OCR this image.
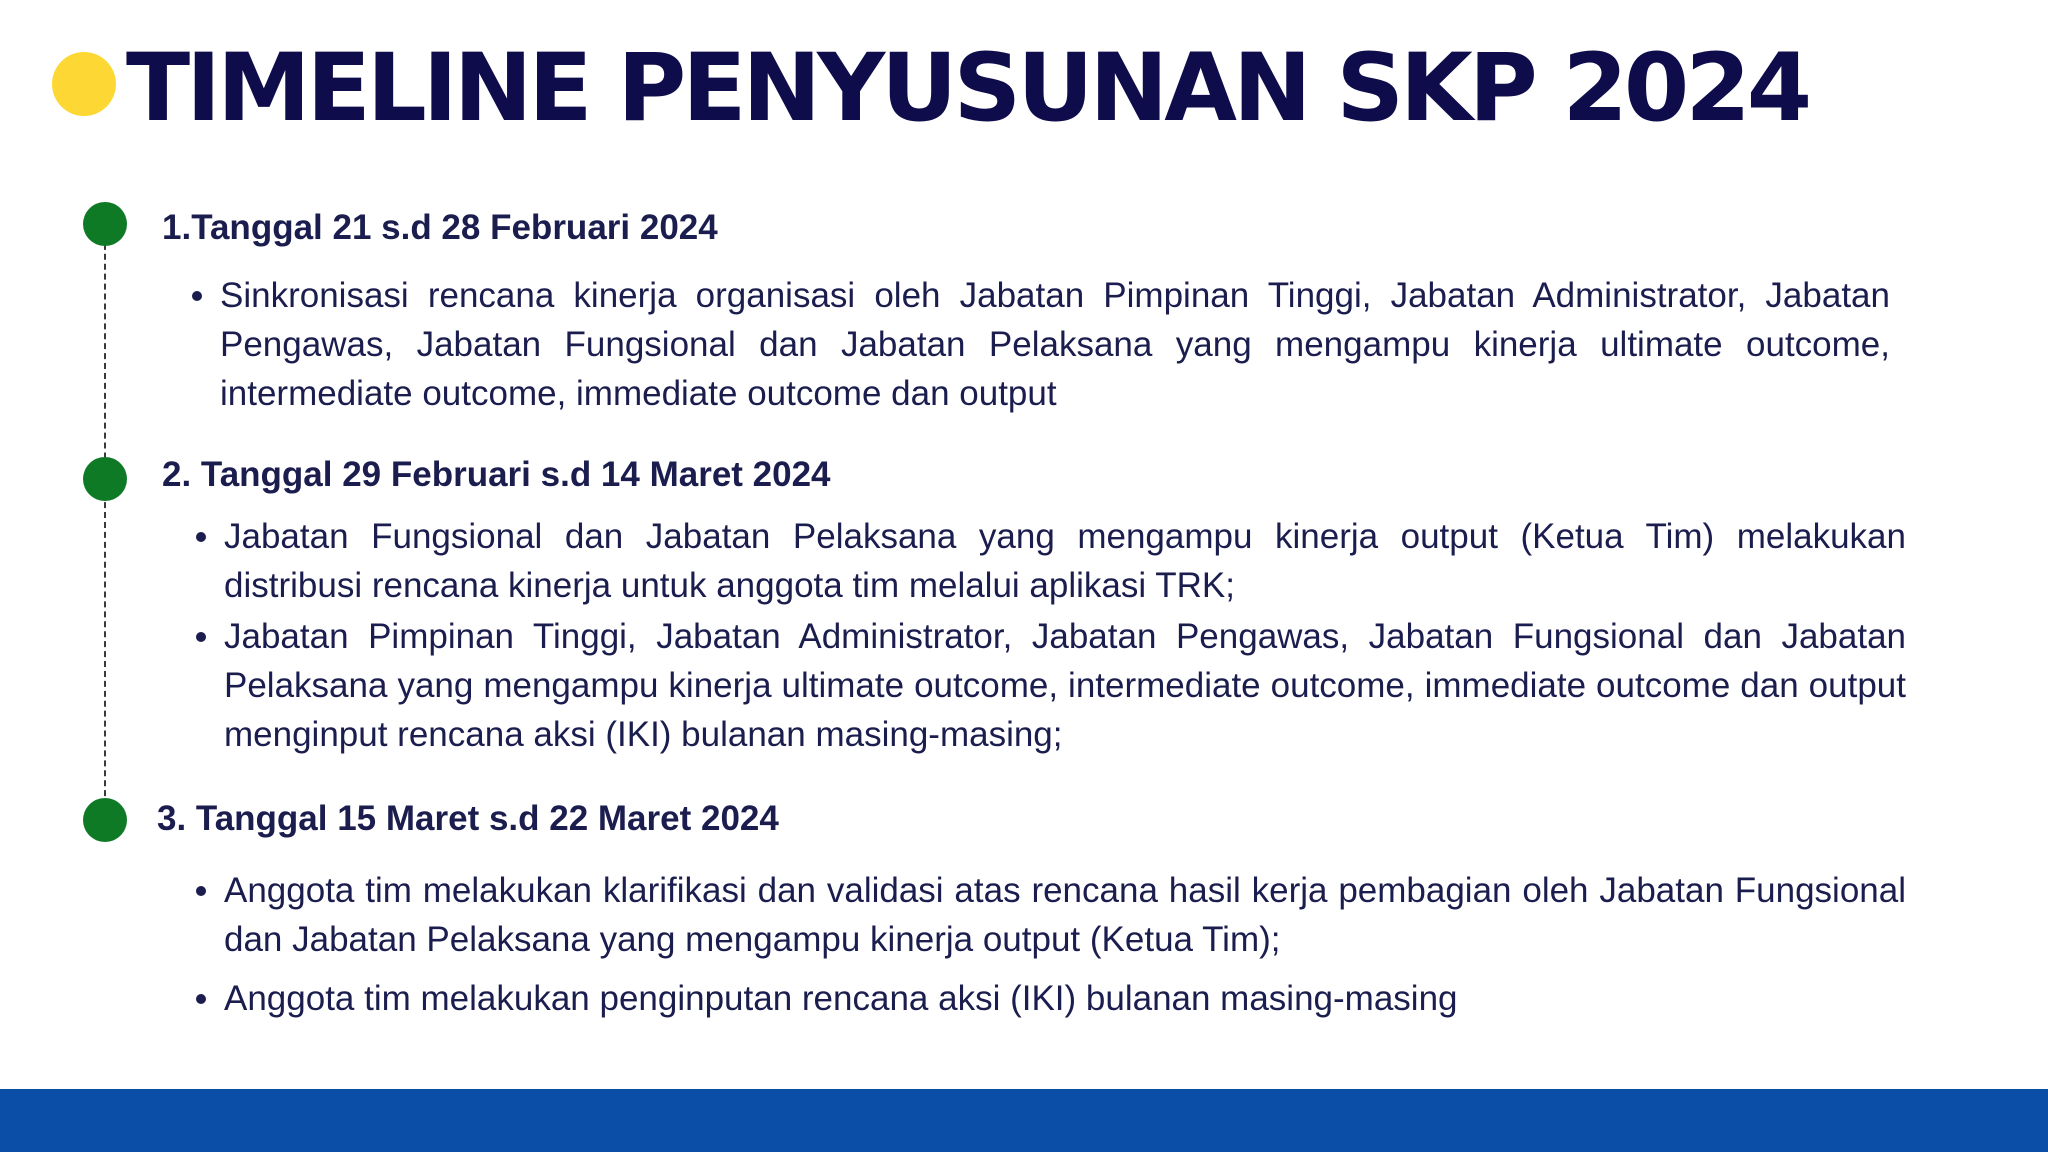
TIMELINE PENYUSUNAN SKP 2024
1.Tanggal 21 s.d 28 Februari 2024
Sinkronisasi rencana kinerja organisasi oleh Jabatan Pimpinan Tinggi, Jabatan Administrator, Jabatan Pengawas, Jabatan Fungsional dan Jabatan Pelaksana yang mengampu kinerja ultimate outcome, intermediate outcome, immediate outcome dan output
2. Tanggal 29 Februari s.d 14 Maret 2024
Jabatan Fungsional dan Jabatan Pelaksana yang mengampu kinerja output (Ketua Tim) melakukan distribusi rencana kinerja untuk anggota tim melalui aplikasi TRK;
Jabatan Pimpinan Tinggi, Jabatan Administrator, Jabatan Pengawas, Jabatan Fungsional dan Jabatan Pelaksana yang mengampu kinerja ultimate outcome, intermediate outcome, immediate outcome dan output menginput rencana aksi (IKI) bulanan masing-masing;
3. Tanggal 15 Maret s.d 22 Maret 2024
Anggota tim melakukan klarifikasi dan validasi atas rencana hasil kerja pembagian oleh Jabatan Fungsional dan Jabatan Pelaksana yang mengampu kinerja output (Ketua Tim);
Anggota tim melakukan penginputan rencana aksi (IKI) bulanan masing-masing
